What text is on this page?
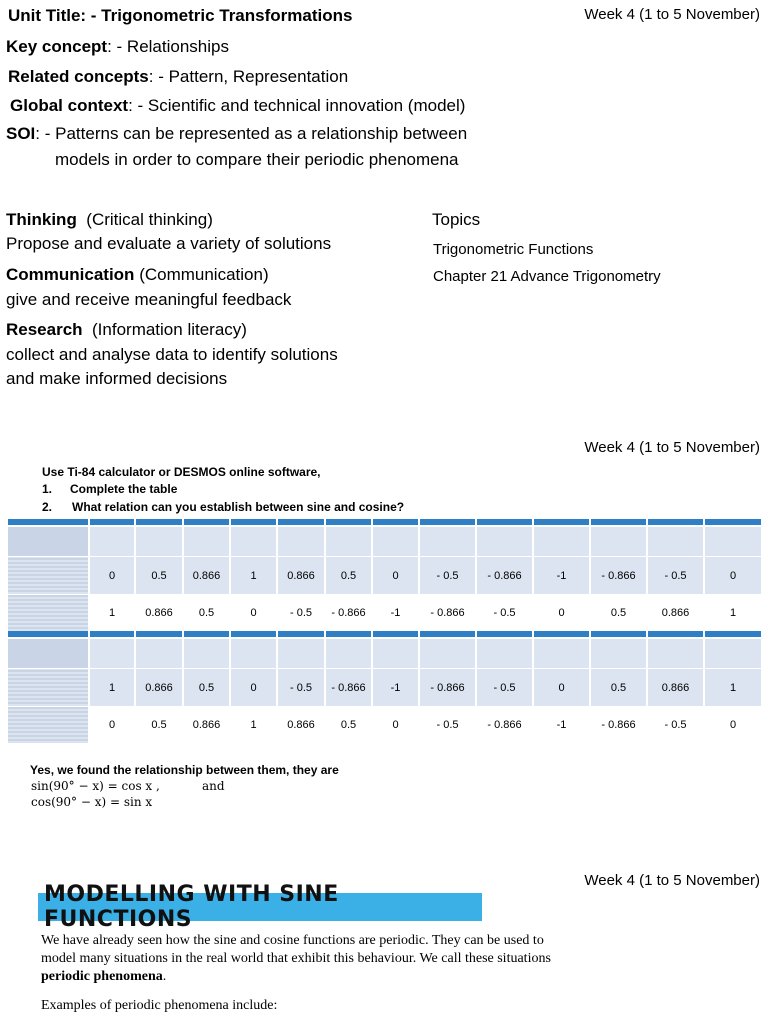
Unit Title: - Trigonometric Transformations	Week 4 (1 to 5 November)
Key concept: - Relationships
Related concepts: - Pattern, Representation
Global context: - Scientific and technical innovation (model)
SOI: - Patterns can be represented as a relationship between
models in order to compare their periodic phenomena
Thinking (Critical thinking)
Propose and evaluate a variety of solutions
Communication (Communication)
give and receive meaningful feedback
Research (Information literacy)
collect and analyse data to identify solutions
and make informed decisions
Topics
Trigonometric Functions
Chapter 21 Advance Trigonometry
Week 4 (1 to 5 November)
Use Ti-84 calculator or DESMOS online software,
1. Complete the table
2. What relation can you establish between sine and cosine?

	0	0.5	0.866	1	0.866	0.5	0	- 0.5	- 0.866	-1	- 0.866	- 0.5	0
	1	0.866	0.5	0	- 0.5	- 0.866	-1	- 0.866	- 0.5	0	0.5	0.866	1

	1	0.866	0.5	0	- 0.5	- 0.866	-1	- 0.866	- 0.5	0	0.5	0.866	1
	0	0.5	0.866	1	0.866	0.5	0	- 0.5	- 0.866	-1	- 0.866	- 0.5	0
Yes, we found the relationship between them, they are
sin(90° − x) = cos x ,	and
cos(90° − x) = sin x
Week 4 (1 to 5 November)
MODELLING WITH SINE FUNCTIONS
We have already seen how the sine and cosine functions are periodic. They can be used to
model many situations in the real world that exhibit this behaviour. We call these situations
periodic phenomena.
Examples of periodic phenomena include:
